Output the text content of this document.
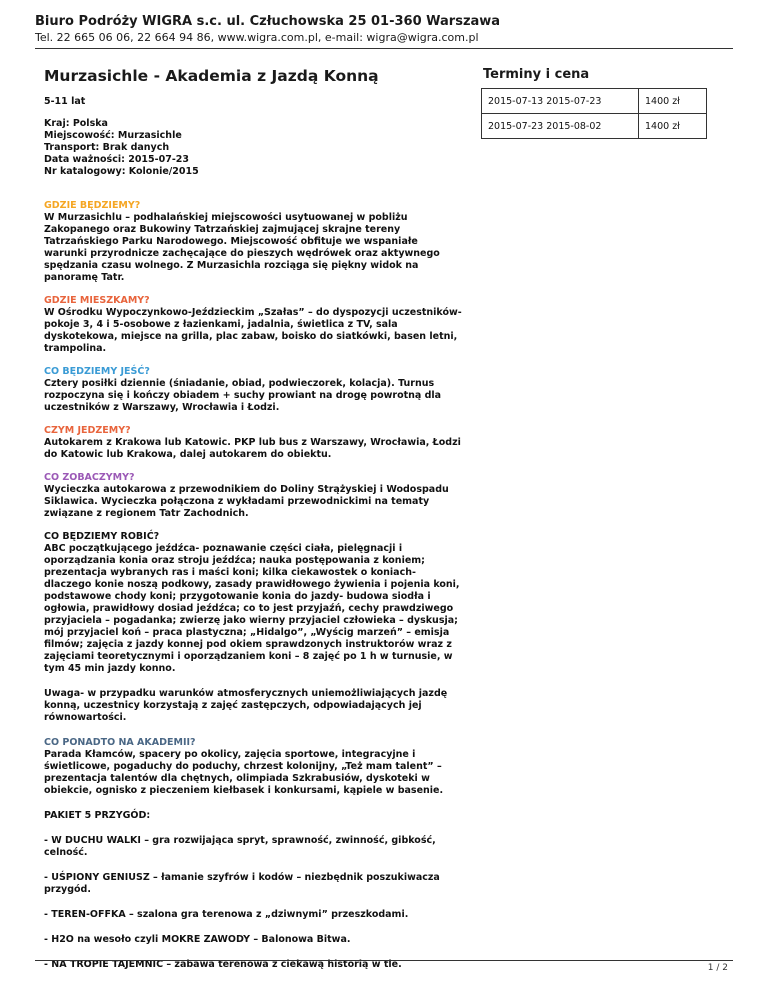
Biuro Podróży WIGRA s.c. ul. Człuchowska 25 01-360 Warszawa
Tel. 22 665 06 06, 22 664 94 86, www.wigra.com.pl, e-mail: wigra@wigra.com.pl
Murzasichle - Akademia z Jazdą Konną
5-11 lat
Kraj: Polska
Miejscowość: Murzasichle
Transport: Brak danych
Data ważności: 2015-07-23
Nr katalogowy: Kolonie/2015
GDZIE BĘDZIEMY?
W Murzasichlu – podhalańskiej miejscowości usytuowanej w pobliżu Zakopanego oraz Bukowiny Tatrzańskiej zajmującej skrajne tereny Tatrzańskiego Parku Narodowego. Miejscowość obfituje we wspaniałe warunki przyrodnicze zachęcające do pieszych wędrówek oraz aktywnego spędzania czasu wolnego. Z Murzasichla rozciąga się piękny widok na panoramę Tatr.
GDZIE MIESZKAMY?
W Ośrodku Wypoczynkowo-Jeździeckim „Szałas” – do dyspozycji uczestników- pokoje 3, 4 i 5-osobowe z łazienkami, jadalnia, świetlica z TV, sala dyskotekowa, miejsce na grilla, plac zabaw, boisko do siatkówki, basen letni, trampolina.
CO BĘDZIEMY JEŚĆ?
Cztery posiłki dziennie (śniadanie, obiad, podwieczorek, kolacja). Turnus rozpoczyna się i kończy obiadem + suchy prowiant na drogę powrotną dla uczestników z Warszawy, Wrocławia i Łodzi.
CZYM JEDZEMY?
Autokarem z Krakowa lub Katowic. PKP lub bus z Warszawy, Wrocławia, Łodzi do Katowic lub Krakowa, dalej autokarem do obiektu.
CO ZOBACZYMY?
Wycieczka autokarowa z przewodnikiem do Doliny Strążyskiej i Wodospadu Siklawica. Wycieczka połączona z wykładami przewodnickimi na tematy związane z regionem Tatr Zachodnich.
CO BĘDZIEMY ROBIĆ?
ABC początkującego jeźdźca- poznawanie części ciała, pielęgnacji i oporządzania konia oraz stroju jeźdźca; nauka postępowania z koniem; prezentacja wybranych ras i maści koni; kilka ciekawostek o koniach- dlaczego konie noszą podkowy, zasady prawidłowego żywienia i pojenia koni, podstawowe chody koni; przygotowanie konia do jazdy- budowa siodła i ogłowia, prawidłowy dosiad jeźdźca; co to jest przyjaźń, cechy prawdziwego przyjaciela – pogadanka; zwierzę jako wierny przyjaciel człowieka – dyskusja; mój przyjaciel koń – praca plastyczna; „Hidalgo”, „Wyścig marzeń” – emisja filmów; zajęcia z jazdy konnej pod okiem sprawdzonych instruktorów wraz z zajęciami teoretycznymi i oporządzaniem koni – 8 zajęć po 1 h w turnusie, w tym 45 min jazdy konno.
Uwaga- w przypadku warunków atmosferycznych uniemożliwiających jazdę konną, uczestnicy korzystają z zajęć zastępczych, odpowiadających jej równowartości.
CO PONADTO NA AKADEMII?
Parada Kłamców, spacery po okolicy, zajęcia sportowe, integracyjne i świetlicowe, pogaduchy do poduchy, chrzest kolonijny, „Też mam talent” – prezentacja talentów dla chętnych, olimpiada Szkrabusiów, dyskoteki w obiekcie, ognisko z pieczeniem kiełbasek i konkursami, kąpiele w basenie.
PAKIET 5 PRZYGÓD:
- W DUCHU WALKI – gra rozwijająca spryt, sprawność, zwinność, gibkość, celność.
- UŚPIONY GENIUSZ – łamanie szyfrów i kodów – niezbędnik poszukiwacza przygód.
- TEREN-OFFKA – szalona gra terenowa z „dziwnymi” przeszkodami.
- H2O na wesoło czyli MOKRE ZAWODY – Balonowa Bitwa.
- NA TROPIE TAJEMNIC – zabawa terenowa z ciekawą historią w tle.
Terminy i cena
2015-07-13 2015-07-23	1400 zł
2015-07-23 2015-08-02	1400 zł
1 / 2
